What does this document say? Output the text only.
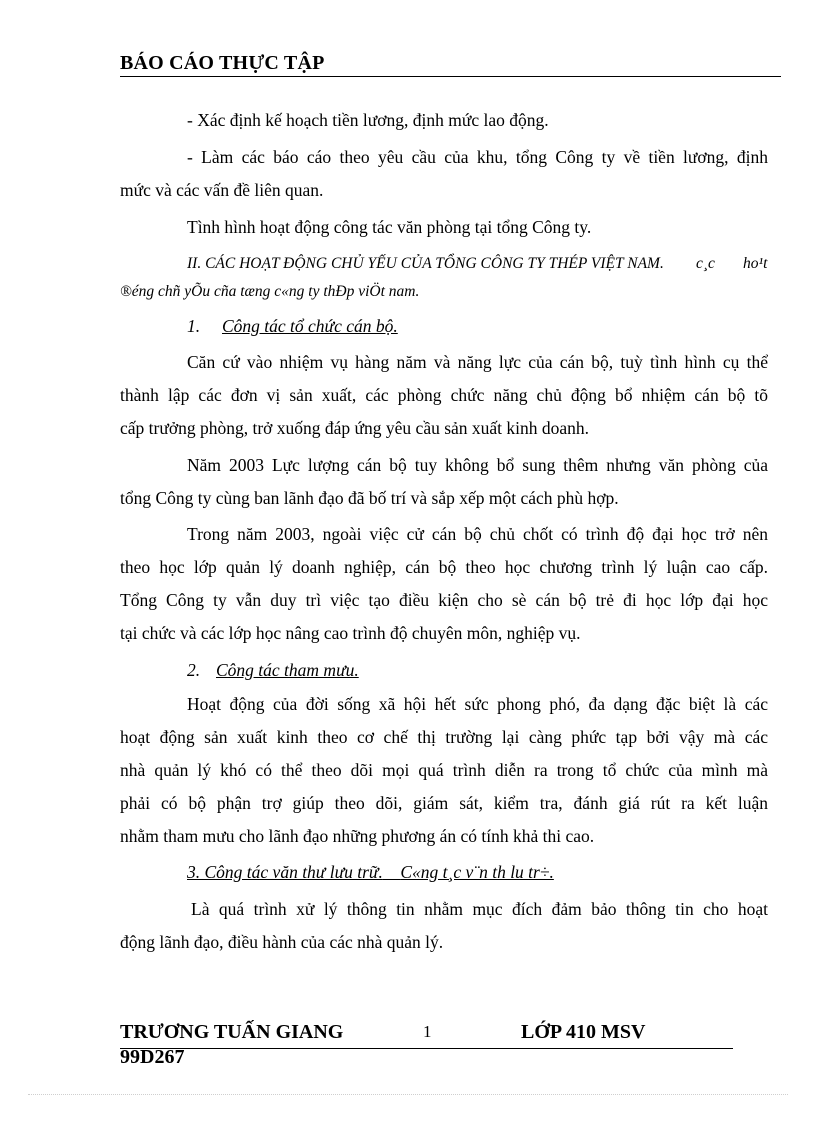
BÁO CÁO THỰC TẬP
- Xác định kế hoạch tiền lương, định mức lao động.
- Làm các báo cáo theo yêu cầu của khu, tổng Công ty về tiền lương, định
mức và các vấn đề liên quan.
Tình hình hoạt động công tác văn phòng tại tổng Công ty.
II. CÁC HOẠT ĐỘNG CHỦ YẾU CỦA TỔNG CÔNG TY THÉP VIỆT NAM. c¸c ho¹t
®éng chñ yÕu cña tæng c«ng ty thÐp viÖt nam.
1. Công tác tổ chức cán bộ.
Căn cứ vào nhiệm vụ hàng năm và năng lực của cán bộ, tuỳ tình hình cụ thể
thành lập các đơn vị sản xuất, các phòng chức năng chủ động bổ nhiệm cán bộ tõ
cấp trưởng phòng, trở xuống đáp ứng yêu cầu sản xuất kinh doanh.
Năm 2003 Lực lượng cán bộ tuy không bổ sung thêm nhưng văn phòng của
tổng Công ty cùng ban lãnh đạo đã bố trí và sắp xếp một cách phù hợp.
Trong năm 2003, ngoài việc cử cán bộ chủ chốt có trình độ đại học trở nên
theo học lớp quản lý doanh nghiệp, cán bộ theo học chương trình lý luận cao cấp.
Tổng Công ty vẫn duy trì việc tạo điều kiện cho sè cán bộ trẻ đi học lớp đại học
tại chức và các lớp học nâng cao trình độ chuyên môn, nghiệp vụ.
2. Công tác tham mưu.
Hoạt động của đời sống xã hội hết sức phong phó, đa dạng đặc biệt là các
hoạt động sản xuất kinh theo cơ chế thị trường lại càng phức tạp bởi vậy mà các
nhà quản lý khó có thể theo dõi mọi quá trình diễn ra trong tổ chức của mình mà
phải có bộ phận trợ giúp theo dõi, giám sát, kiểm tra, đánh giá rút ra kết luận
nhằm tham mưu cho lãnh đạo những phương án có tính khả thi cao.
3. Công tác văn thư lưu trữ. C«ng t¸c v¨n th lu tr÷.
Là quá trình xử lý thông tin nhằm mục đích đảm bảo thông tin cho hoạt
động lãnh đạo, điều hành của các nhà quản lý.
TRƯƠNG TUẤN GIANG	1	LỚP 410 MSV
99D267
